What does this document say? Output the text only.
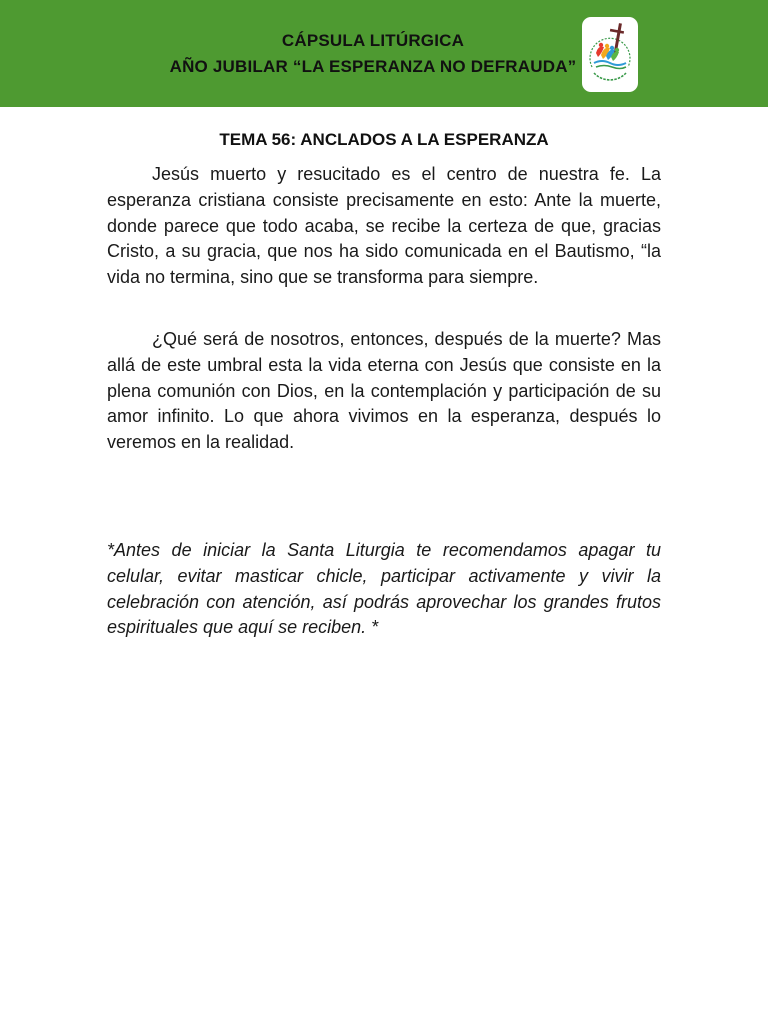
CÁPSULA LITÚRGICA
AÑO JUBILAR “LA ESPERANZA NO DEFRAUDA”
TEMA 56: ANCLADOS A LA ESPERANZA

Jesús muerto y resucitado es el centro de nuestra fe. La esperanza cristiana consiste precisamente en esto: Ante la muerte, donde parece que todo acaba, se recibe la certeza de que, gracias Cristo, a su gracia, que nos ha sido comunicada en el Bautismo, “la vida no termina, sino que se transforma para siempre.

¿Qué será de nosotros, entonces, después de la muerte? Mas allá de este umbral esta la vida eterna con Jesús que consiste en la plena comunión con Dios, en la contemplación y participación de su amor infinito. Lo que ahora vivimos en la esperanza, después lo veremos en la realidad.

*Antes de iniciar la Santa Liturgia te recomendamos apagar tu celular, evitar masticar chicle, participar activamente y vivir la celebración con atención, así podrás aprovechar los grandes frutos espirituales que aquí se reciben. *
